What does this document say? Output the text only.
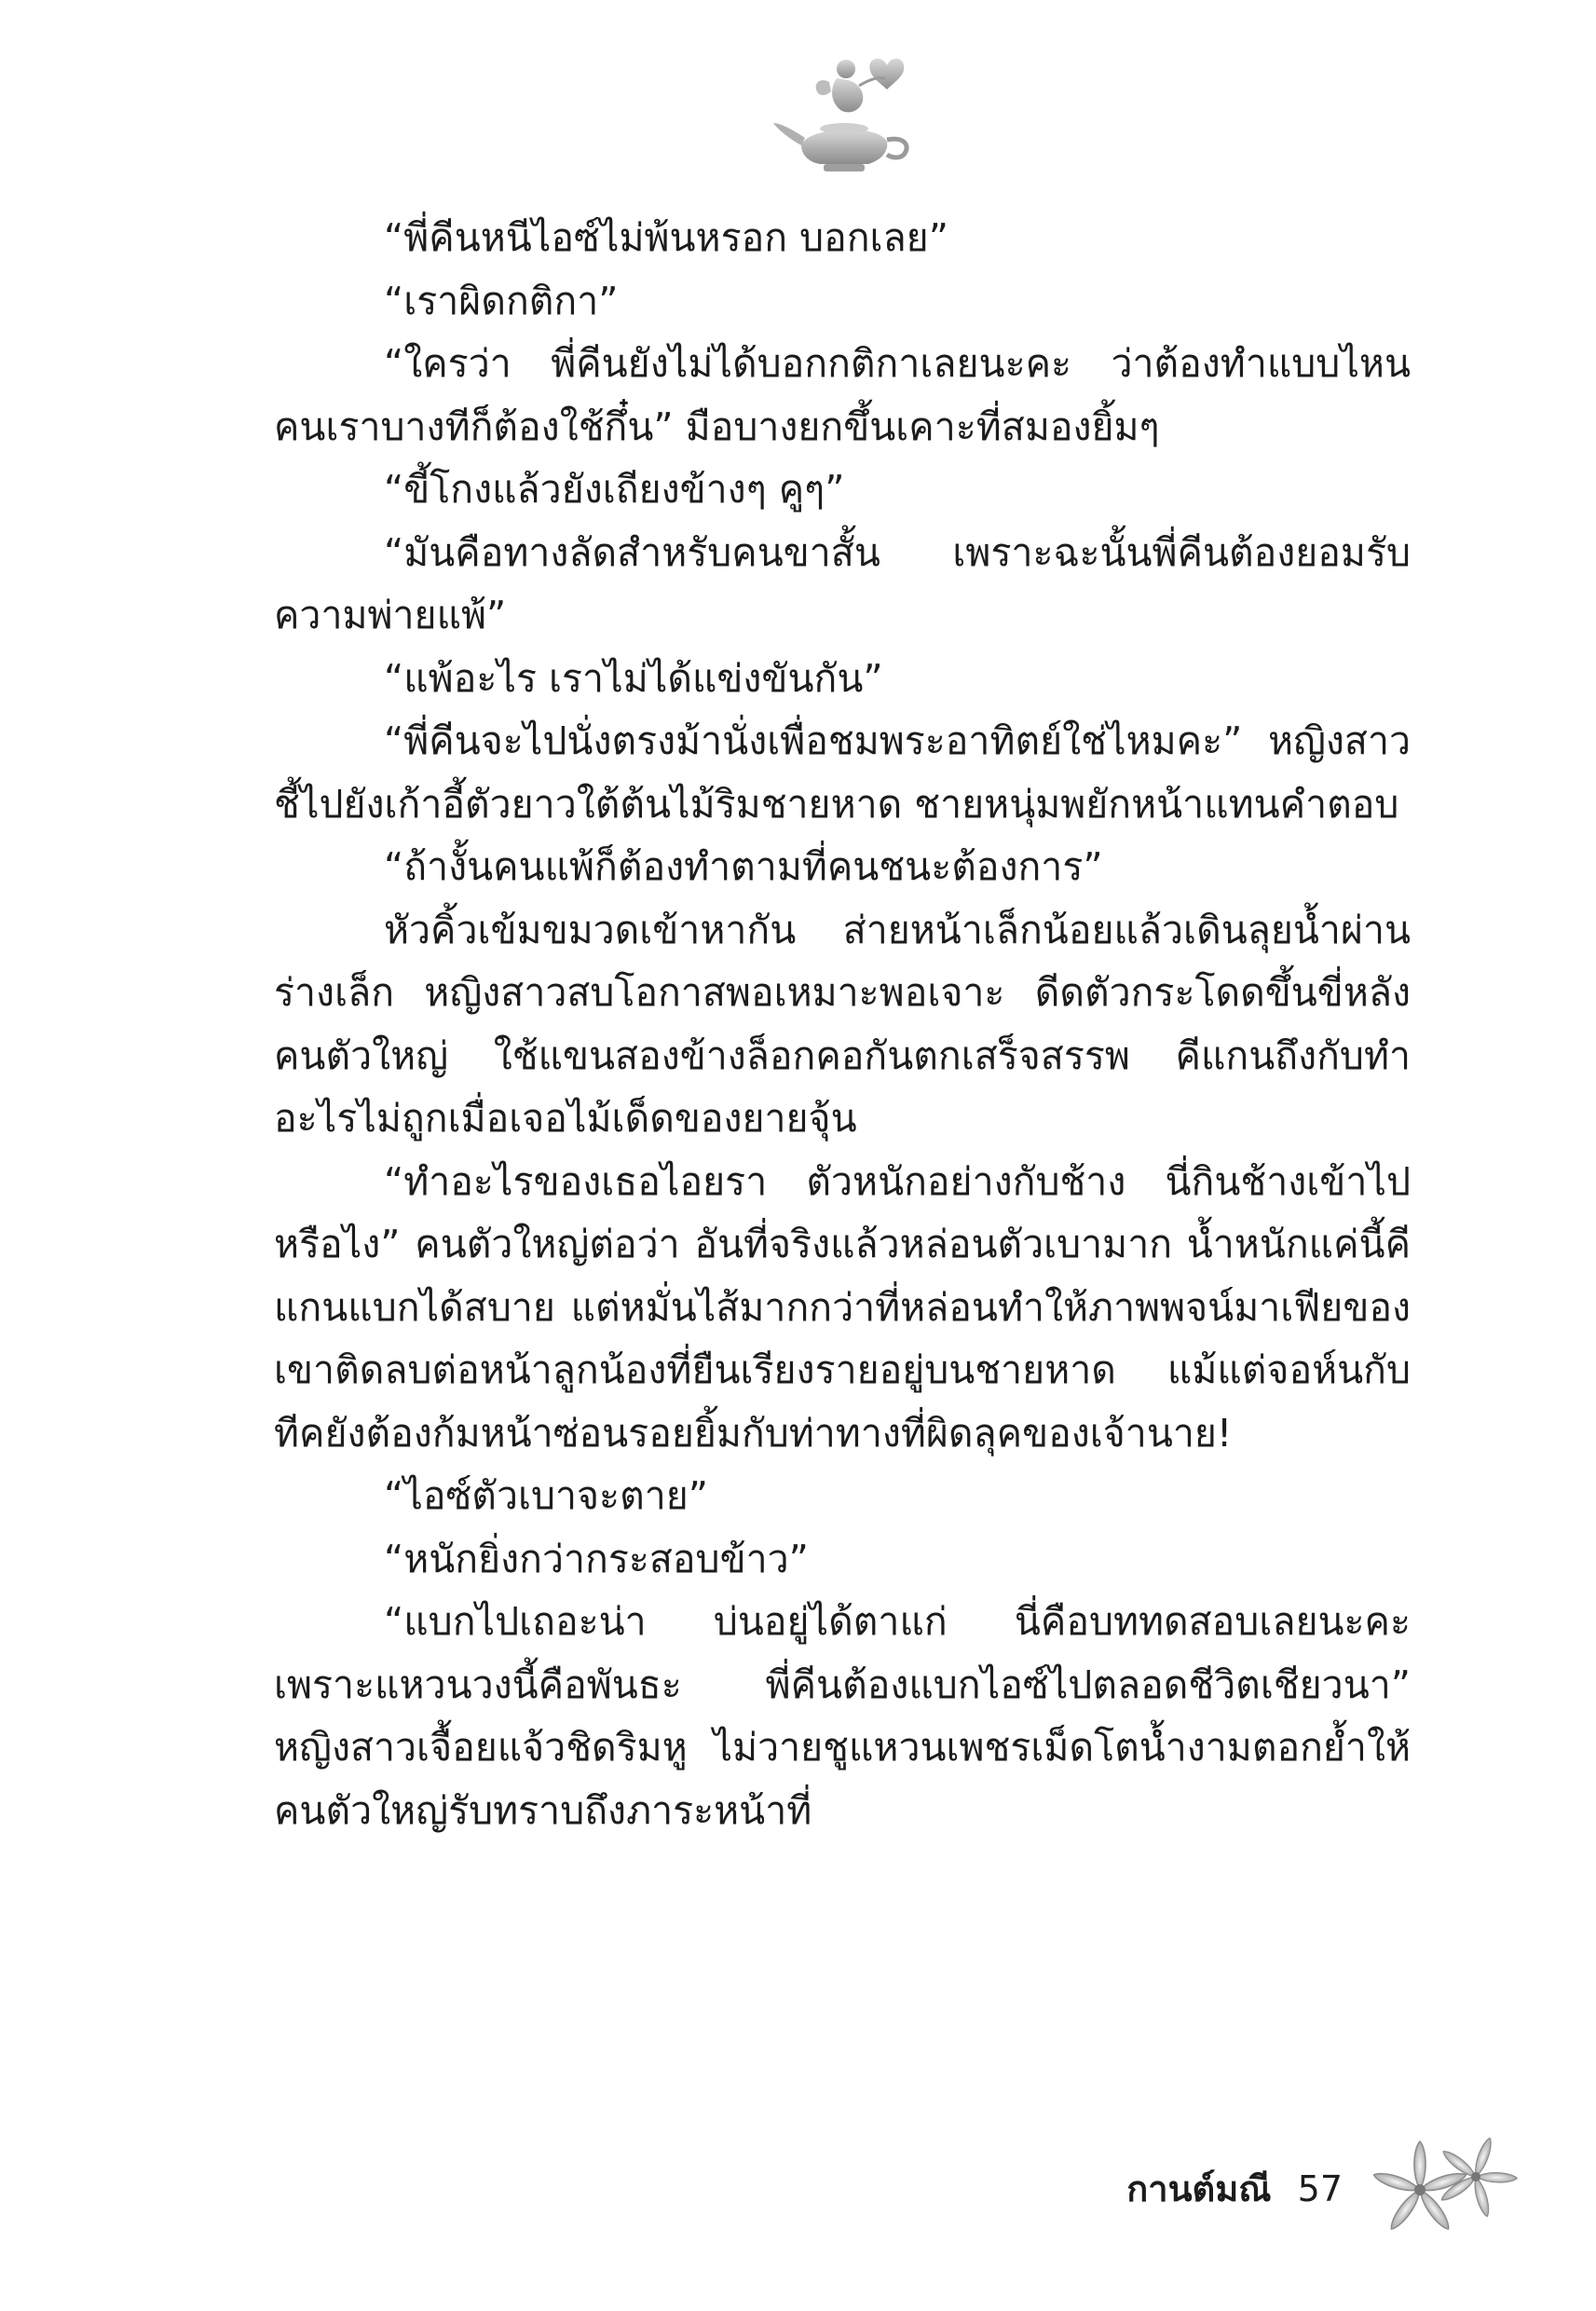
“พี่คีนหนีไอซ์ไม่พ้นหรอก บอกเลย”

“เราผิดกติกา”

“ใครว่า พี่คีนยังไม่ได้บอกกติกาเลยนะคะ ว่าต้องทำแบบไหน คนเราบางทีก็ต้องใช้กึ๋น” มือบางยกขึ้นเคาะที่สมองยิ้มๆ

“ขี้โกงแล้วยังเถียงข้างๆ คูๆ”

“มันคือทางลัดสำหรับคนขาสั้น เพราะฉะนั้นพี่คีนต้องยอมรับความพ่ายแพ้”

“แพ้อะไร เราไม่ได้แข่งขันกัน”

“พี่คีนจะไปนั่งตรงม้านั่งเพื่อชมพระอาทิตย์ใช่ไหมคะ” หญิงสาวชี้ไปยังเก้าอี้ตัวยาวใต้ต้นไม้ริมชายหาด ชายหนุ่มพยักหน้าแทนคำตอบ

“ถ้างั้นคนแพ้ก็ต้องทำตามที่คนชนะต้องการ”

หัวคิ้วเข้มขมวดเข้าหากัน ส่ายหน้าเล็กน้อยแล้วเดินลุยน้ำผ่านร่างเล็ก หญิงสาวสบโอกาสพอเหมาะพอเจาะ ดีดตัวกระโดดขึ้นขี่หลังคนตัวใหญ่ ใช้แขนสองข้างล็อกคอกันตกเสร็จสรรพ คีแกนถึงกับทำอะไรไม่ถูกเมื่อเจอไม้เด็ดของยายจุ้น

“ทำอะไรของเธอไอยรา ตัวหนักอย่างกับช้าง นี่กินช้างเข้าไปหรือไง” คนตัวใหญ่ต่อว่า อันที่จริงแล้วหล่อนตัวเบามาก น้ำหนักแค่นี้คีแกนแบกได้สบาย แต่หมั่นไส้มากกว่าที่หล่อนทำให้ภาพพจน์มาเฟียของเขาติดลบต่อหน้าลูกน้องที่ยืนเรียงรายอยู่บนชายหาด แม้แต่จอห์นกับทีคยังต้องก้มหน้าซ่อนรอยยิ้มกับท่าทางที่ผิดลุคของเจ้านาย!

“ไอซ์ตัวเบาจะตาย”

“หนักยิ่งกว่ากระสอบข้าว”

“แบกไปเถอะน่า บ่นอยู่ได้ตาแก่ นี่คือบททดสอบเลยนะคะ เพราะแหวนวงนี้คือพันธะ พี่คีนต้องแบกไอซ์ไปตลอดชีวิตเชียวนา” หญิงสาวเจื้อยแจ้วชิดริมหู ไม่วายชูแหวนเพชรเม็ดโตน้ำงามตอกย้ำให้คนตัวใหญ่รับทราบถึงภาระหน้าที่

กานต์มณี 57
